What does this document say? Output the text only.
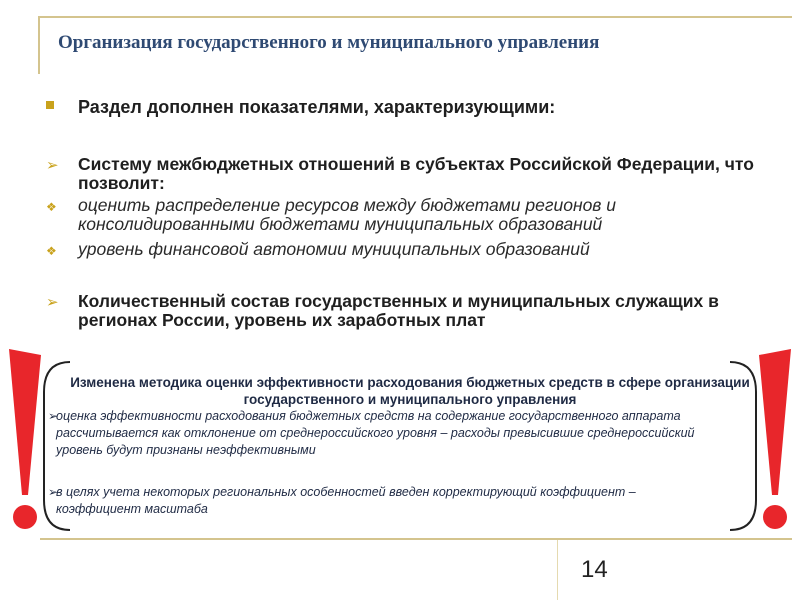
Организация государственного и муниципального управления
Раздел дополнен показателями, характеризующими:
➢ Систему межбюджетных отношений в субъектах Российской Федерации, что позволит:
❖ оценить распределение ресурсов между бюджетами регионов и консолидированными бюджетами муниципальных образований
❖ уровень финансовой автономии муниципальных образований
➢ Количественный состав государственных и муниципальных служащих в регионах России, уровень их заработных плат
Изменена методика оценки эффективности расходования бюджетных средств в сфере организации государственного и муниципального управления
➢
оценка эффективности расходования бюджетных средств на содержание государственного аппарата рассчитывается как отклонение от среднероссийского уровня – расходы превысившие среднероссийский уровень будут признаны неэффективными
➢
в целях учета некоторых региональных особенностей введен корректирующий коэффициент – коэффициент масштаба
14
